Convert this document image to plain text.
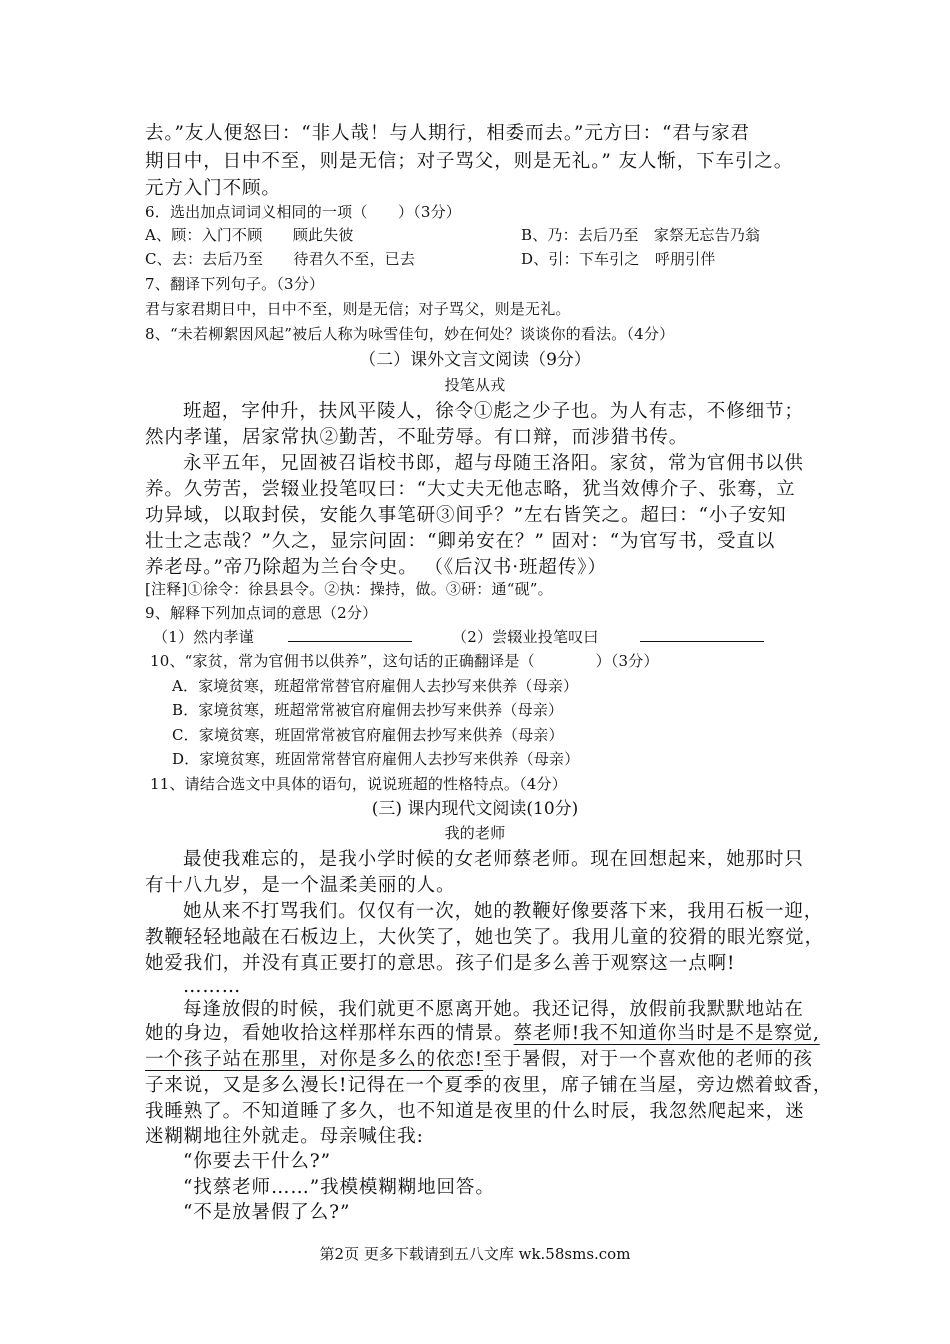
去。”友人便怒曰：“非人哉！与人期行，相委而去。”元方曰：“君与家君
期日中，日中不至，则是无信；对子骂父，则是无礼。” 友人惭，下车引之。
元方入门不顾。
6．选出加点词词义相同的一项（　　）（3分）
A、顾：入门不顾　　顾此失彼	B、乃：去后乃至　家祭无忘告乃翁
C、去：去后乃至　　待君久不至，已去	D、引：下车引之　呼朋引伴
7、翻译下列句子。（3分）
君与家君期日中，日中不至，则是无信；对子骂父，则是无礼。
8、“未若柳絮因风起”被后人称为咏雪佳句，妙在何处？谈谈你的看法。（4分）
（二）课外文言文阅读（9分）
投笔从戎
班超，字仲升，扶风平陵人，徐令①彪之少子也。为人有志，不修细节；
然内孝谨，居家常执②勤苦，不耻劳辱。有口辩，而涉猎书传。
永平五年，兄固被召诣校书郎，超与母随王洛阳。家贫，常为官佣书以供
养。久劳苦，尝辍业投笔叹曰：“大丈夫无他志略，犹当效傅介子、张骞，立
功异域，以取封侯，安能久事笔研③间乎？”左右皆笑之。超曰：“小子安知
壮士之志哉？”久之，显宗问固：“卿弟安在？” 固对：“为官写书，受直以
养老母。”帝乃除超为兰台令史。 （《后汉书·班超传》）
[注释]①徐令：徐县县令。②执：操持，做。③研：通“砚”。
9、解释下列加点词的意思（2分）
（1）然内孝谨	（2）尝辍业投笔叹曰
10、“家贫，常为官佣书以供养”，这句话的正确翻译是（　　　　）（3分）
A．家境贫寒，班超常常替官府雇佣人去抄写来供养（母亲）
B．家境贫寒，班超常常被官府雇佣去抄写来供养（母亲）
C．家境贫寒，班固常常被官府雇佣去抄写来供养（母亲）
D．家境贫寒，班固常常替官府雇佣人去抄写来供养（母亲）
11、请结合选文中具体的语句，说说班超的性格特点。（4分）
(三) 课内现代文阅读(10分)
我的老师
最使我难忘的，是我小学时候的女老师蔡老师。现在回想起来，她那时只
有十八九岁，是一个温柔美丽的人。
她从来不打骂我们。仅仅有一次，她的教鞭好像要落下来，我用石板一迎，
教鞭轻轻地敲在石板边上，大伙笑了，她也笑了。我用儿童的狡猾的眼光察觉，
她爱我们，并没有真正要打的意思。孩子们是多么善于观察这一点啊!
………
每逢放假的时候，我们就更不愿离开她。我还记得，放假前我默默地站在
她的身边，看她收拾这样那样东西的情景。蔡老师!我不知道你当时是不是察觉,
一个孩子站在那里，对你是多么的依恋!至于暑假，对于一个喜欢他的老师的孩
子来说，又是多么漫长!记得在一个夏季的夜里，席子铺在当屋，旁边燃着蚊香，
我睡熟了。不知道睡了多久，也不知道是夜里的什么时辰，我忽然爬起来，迷
迷糊糊地往外就走。母亲喊住我:
“你要去干什么?”
“找蔡老师……”我模模糊糊地回答。
“不是放暑假了么?”
第2页 更多下载请到五八文库 wk.58sms.com
